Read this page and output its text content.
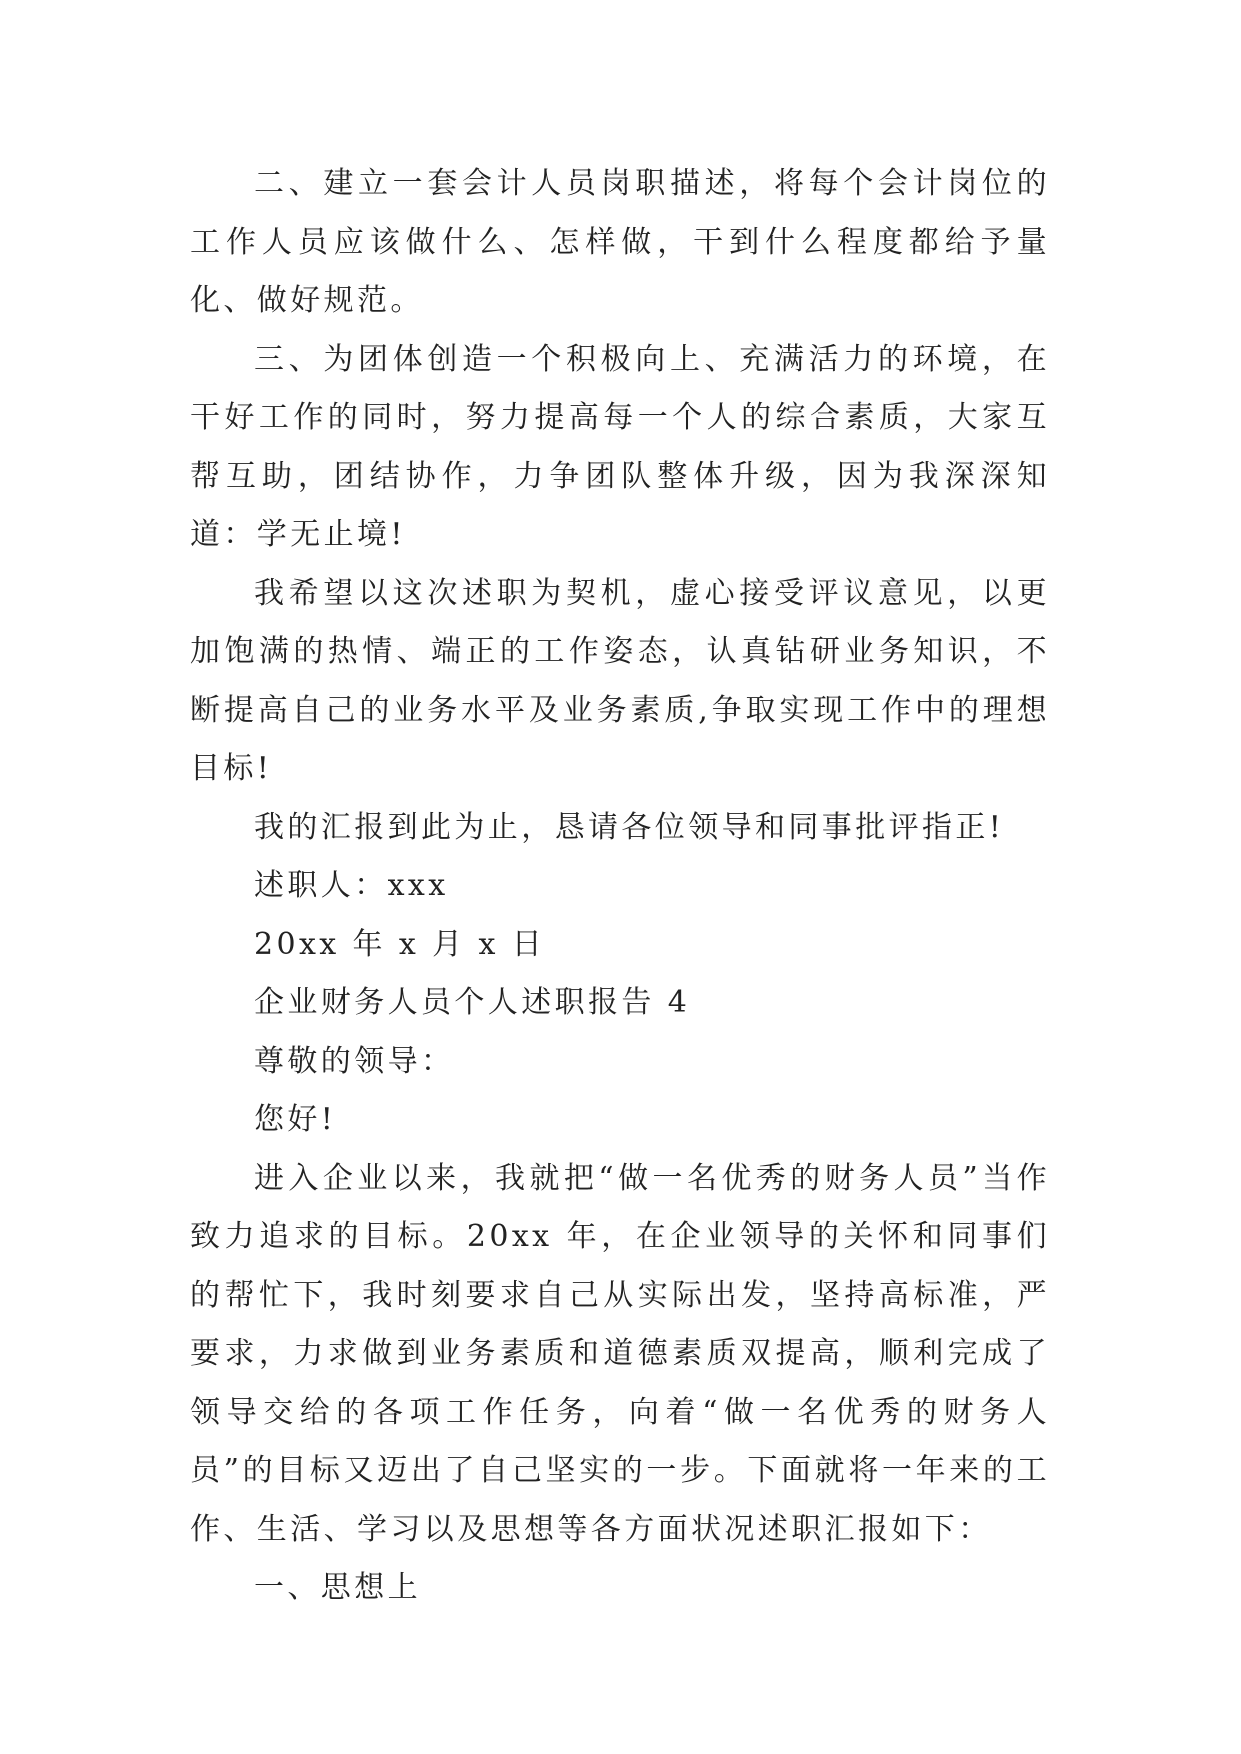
二、建立一套会计人员岗职描述，将每个会计岗位的工作人员应该做什么、怎样做，干到什么程度都给予量化、做好规范。

三、为团体创造一个积极向上、充满活力的环境，在干好工作的同时，努力提高每一个人的综合素质，大家互帮互助，团结协作，力争团队整体升级，因为我深深知道：学无止境!

我希望以这次述职为契机，虚心接受评议意见，以更加饱满的热情、端正的工作姿态，认真钻研业务知识，不断提高自己的业务水平及业务素质,争取实现工作中的理想目标!

我的汇报到此为止，恳请各位领导和同事批评指正!

述职人：xxx

20xx 年 x 月 x 日

企业财务人员个人述职报告 4

尊敬的领导：

您好!

进入企业以来，我就把“做一名优秀的财务人员”当作致力追求的目标。20xx 年，在企业领导的关怀和同事们的帮忙下，我时刻要求自己从实际出发，坚持高标准，严要求，力求做到业务素质和道德素质双提高，顺利完成了领导交给的各项工作任务，向着“做一名优秀的财务人员”的目标又迈出了自己坚实的一步。下面就将一年来的工作、生活、学习以及思想等各方面状况述职汇报如下：

一、思想上
